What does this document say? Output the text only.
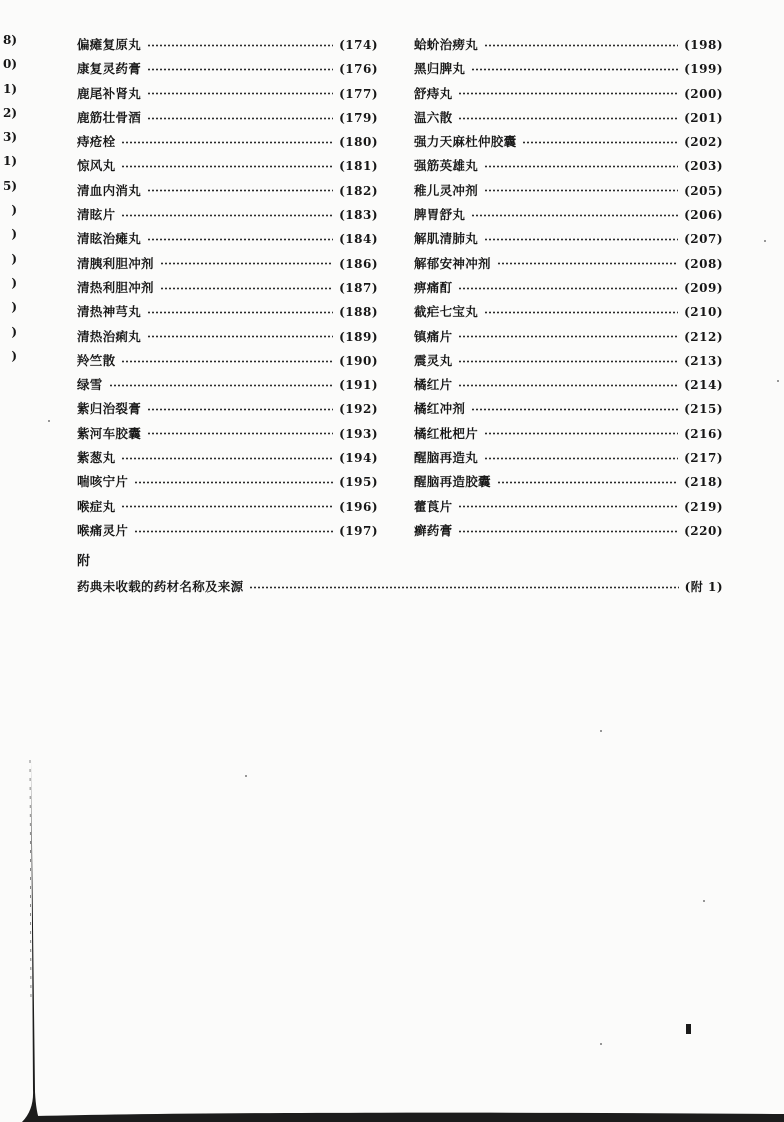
8)
0)
1)
2)
3)
1)
5)
)
)
)
)
)
)
)
偏瘫复原丸	(174)
康复灵药膏	(176)
鹿尾补肾丸	(177)
鹿筋壮骨酒	(179)
痔疮栓	(180)
惊风丸	(181)
清血内消丸	(182)
清眩片	(183)
清眩治瘫丸	(184)
清胰利胆冲剂	(186)
清热利胆冲剂	(187)
清热神芎丸	(188)
清热治痢丸	(189)
羚竺散	(190)
绿雪	(191)
紫归治裂膏	(192)
紫河车胶囊	(193)
紫葱丸	(194)
喘咳宁片	(195)
喉症丸	(196)
喉痛灵片	(197)
蛤蚧治痨丸	(198)
黑归脾丸	(199)
舒痔丸	(200)
温六散	(201)
强力天麻杜仲胶囊	(202)
强筋英雄丸	(203)
稚儿灵冲剂	(205)
脾胃舒丸	(206)
解肌清肺丸	(207)
解郁安神冲剂	(208)
痹痛酊	(209)
截疟七宝丸	(210)
镇痛片	(212)
震灵丸	(213)
橘红片	(214)
橘红冲剂	(215)
橘红枇杷片	(216)
醒脑再造丸	(217)
醒脑再造胶囊	(218)
藿莨片	(219)
癣药膏	(220)
附
药典未收载的药材名称及来源	(附 1)
